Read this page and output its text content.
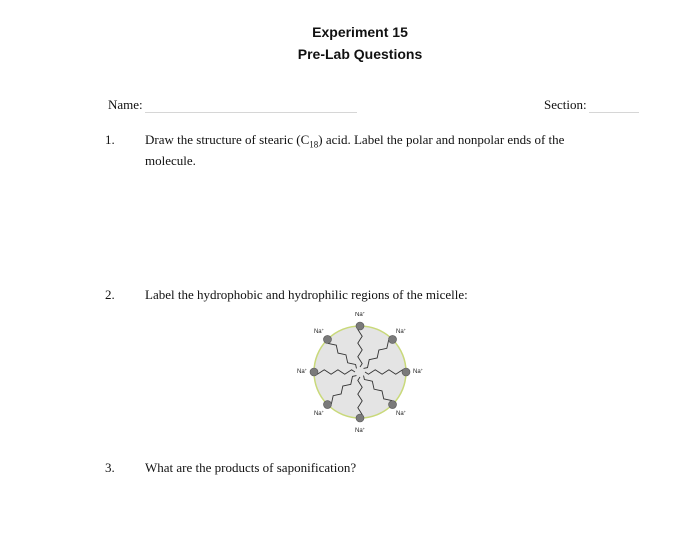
Experiment 15
Pre-Lab Questions
Name:	Section:
1. Draw the structure of stearic $(C_{18})$ acid. Label the polar and nonpolar ends of the molecule.
2. Label the hydrophobic and hydrophilic regions of the micelle:
Na+
Na+
Na+
Na+
Na+
Na+
Na+
Na+
3. What are the products of saponification?
